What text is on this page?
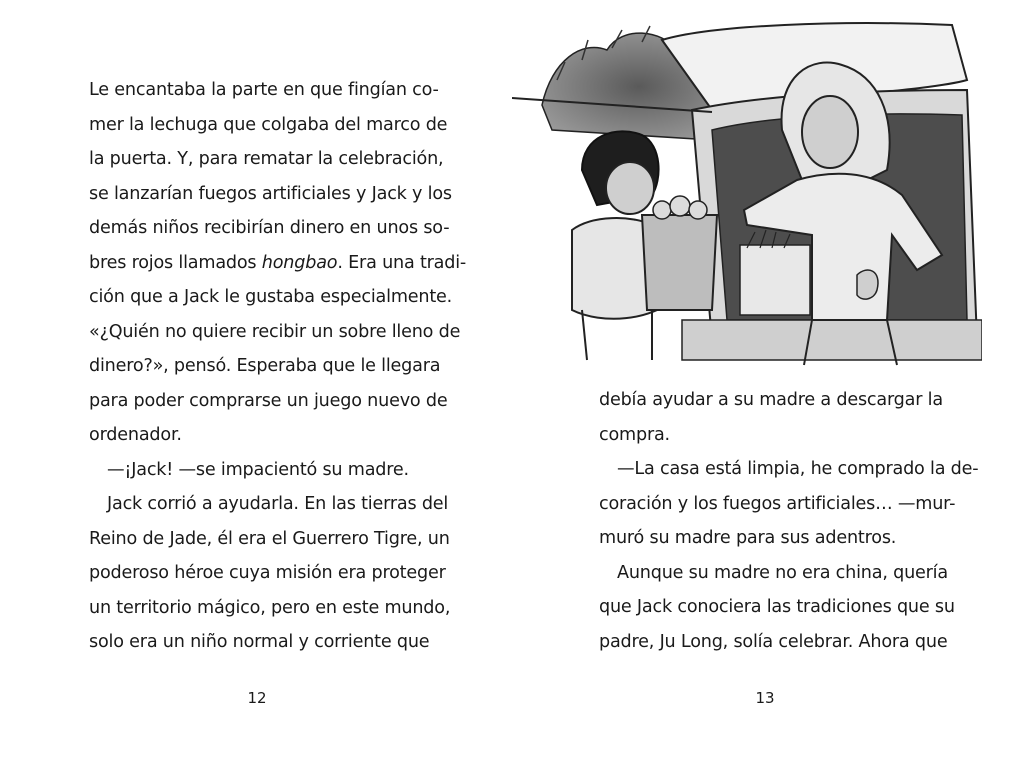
Le encantaba la parte en que fingían co-
mer la lechuga que colgaba del marco de
la puerta. Y, para rematar la celebración,
se lanzarían fuegos artificiales y Jack y los
demás niños recibirían dinero en unos so-
bres rojos llamados hongbao. Era una tradi-
ción que a Jack le gustaba especialmente.
«¿Quién no quiere recibir un sobre lleno de
dinero?», pensó. Esperaba que le llegara
para poder comprarse un juego nuevo de
ordenador.
—¡Jack! —se impacientó su madre.
Jack corrió a ayudarla. En las tierras del
Reino de Jade, él era el Guerrero Tigre, un
poderoso héroe cuya misión era proteger
un territorio mágico, pero en este mundo,
solo era un niño normal y corriente que
12
debía ayudar a su madre a descargar la
compra.
—La casa está limpia, he comprado la de-
coración y los fuegos artificiales… —mur-
muró su madre para sus adentros.
Aunque su madre no era china, quería
que Jack conociera las tradiciones que su
padre, Ju Long, solía celebrar. Ahora que
13
